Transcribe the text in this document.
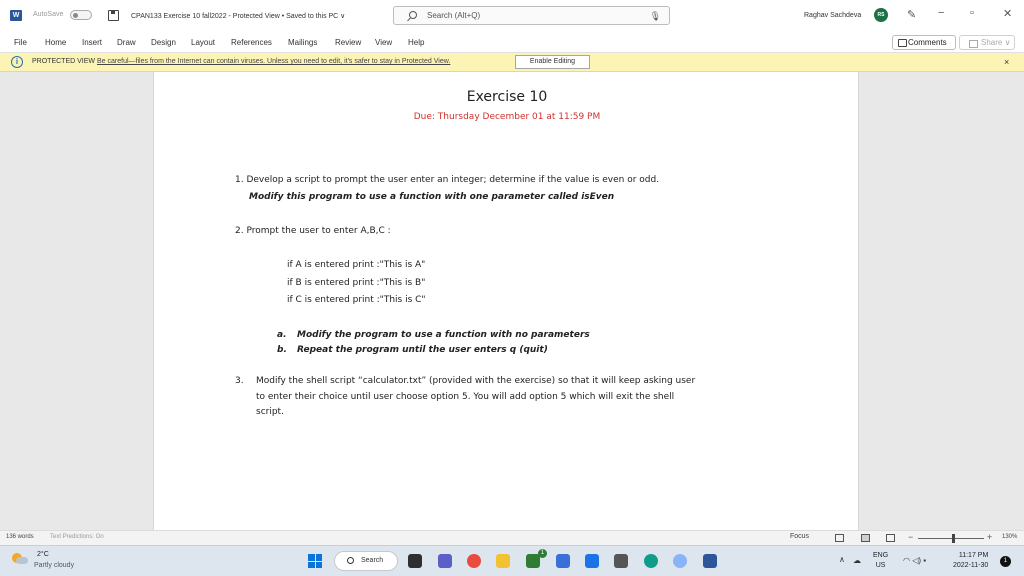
W	AutoSave	CPAN133 Exercise 10 fall2022 - Protected View • Saved to this PC ∨	Search (Alt+Q)	🎙	Raghav Sachdeva	RS	✎ − ▫	✕
File Home Insert Draw Design Layout References Mailings Review View Help	Comments	Share ∨
i	PROTECTED VIEW Be careful—files from the Internet can contain viruses. Unless you need to edit, it's safer to stay in Protected View.	Enable Editing	×
Exercise 10
Due: Thursday December 01 at 11:59 PM
1. Develop a script to prompt the user enter an integer; determine if the value is even or odd.
Modify this program to use a function with one parameter called isEven
2. Prompt the user to enter A,B,C :
if A is entered print :"This is A"
if B is entered print :"This is B"
if C is entered print :"This is C"
a. Modify the program to use a function with no parameters
b. Repeat the program until the user enters q (quit)
3. Modify the shell script “calculator.txt” (provided with the exercise) so that it will keep asking user
to enter their choice until user choose option 5. You will add option 5 which will exit the shell
script.
136 words	Text Predictions: On	Focus	−	+ 130%
2°C
Partly cloudy
Search
1
∧ ☁
ENG
US
◠ ◁) ▪
11:17 PM
2022-11-30
1
